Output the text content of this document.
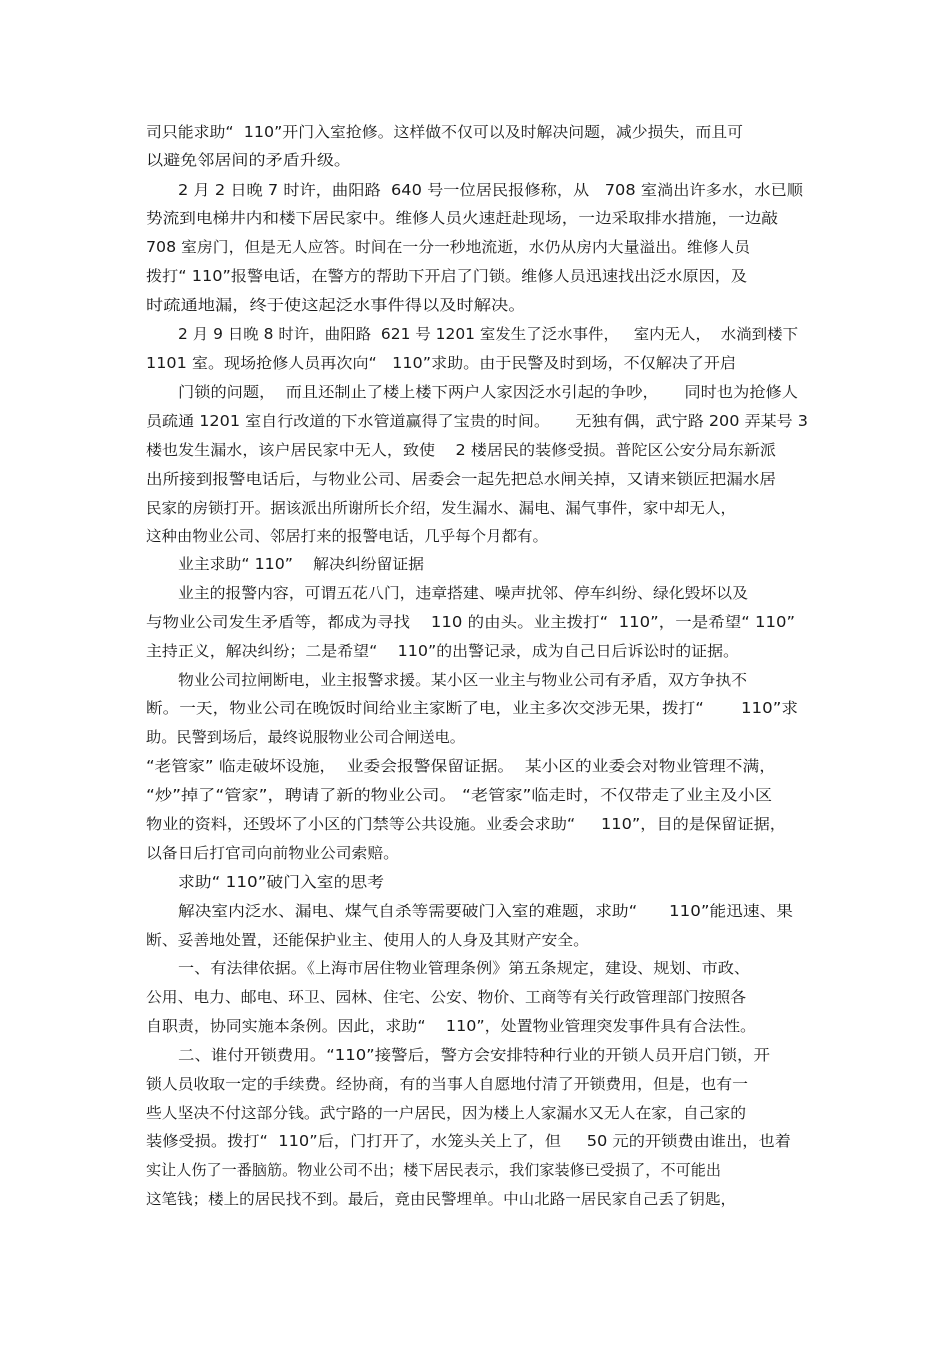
司只能求助“  110”开门入室抢修。这样做不仅可以及时解决问题，减少损失，而且可
以避免邻居间的矛盾升级。
2 月 2 日晚 7 时许，曲阳路  640 号一位居民报修称，从   708 室淌出许多水，水已顺
势流到电梯井内和楼下居民家中。维修人员火速赶赴现场，一边采取排水措施，一边敲
708 室房门，但是无人应答。时间在一分一秒地流逝，水仍从房内大量溢出。维修人员
拨打“ 110”报警电话，在警方的帮助下开启了门锁。维修人员迅速找出泛水原因，及
时疏通地漏，终于使这起泛水事件得以及时解决。
2 月 9 日晚 8 时许，曲阳路  621 号 1201 室发生了泛水事件，   室内无人，  水淌到楼下
1101 室。现场抢修人员再次向“   110”求助。由于民警及时到场，不仅解决了开启
门锁的问题，  而且还制止了楼上楼下两户人家因泛水引起的争吵，     同时也为抢修人
员疏通 1201 室自行改道的下水管道赢得了宝贵的时间。     无独有偶，武宁路 200 弄某号 3
楼也发生漏水，该户居民家中无人，致使    2 楼居民的装修受损。普陀区公安分局东新派
出所接到报警电话后，与物业公司、居委会一起先把总水闸关掉，又请来锁匠把漏水居
民家的房锁打开。据该派出所谢所长介绍，发生漏水、漏电、漏气事件，家中却无人，
这种由物业公司、邻居打来的报警电话，几乎每个月都有。
业主求助“ 110”    解决纠纷留证据
业主的报警内容，可谓五花八门，违章搭建、噪声扰邻、停车纠纷、绿化毁坏以及
与物业公司发生矛盾等，都成为寻找    110 的由头。业主拨打“  110”，一是希望“ 110”
主持正义，解决纠纷；二是希望“    110”的出警记录，成为自己日后诉讼时的证据。
物业公司拉闸断电，业主报警求援。某小区一业主与物业公司有矛盾，双方争执不
断。一天，物业公司在晚饭时间给业主家断了电，业主多次交涉无果，拨打“       110”求
助。民警到场后，最终说服物业公司合闸送电。
“老管家” 临走破坏设施，  业委会报警保留证据。  某小区的业委会对物业管理不满，
“炒”掉了“管家”，聘请了新的物业公司。 “老管家”临走时，不仅带走了业主及小区
物业的资料，还毁坏了小区的门禁等公共设施。业委会求助“     110”，目的是保留证据，
以备日后打官司向前物业公司索赔。
求助“ 110”破门入室的思考
解决室内泛水、漏电、煤气自杀等需要破门入室的难题，求助“      110”能迅速、果
断、妥善地处置，还能保护业主、使用人的人身及其财产安全。
一、有法律依据。《上海市居住物业管理条例》第五条规定，建设、规划、市政、
公用、电力、邮电、环卫、园林、住宅、公安、物价、工商等有关行政管理部门按照各
自职责，协同实施本条例。因此，求助“    110”，处置物业管理突发事件具有合法性。
二、谁付开锁费用。“110”接警后，警方会安排特种行业的开锁人员开启门锁，开
锁人员收取一定的手续费。经协商，有的当事人自愿地付清了开锁费用，但是，也有一
些人坚决不付这部分钱。武宁路的一户居民，因为楼上人家漏水又无人在家，自己家的
装修受损。拨打“  110”后，门打开了，水笼头关上了，但     50 元的开锁费由谁出，也着
实让人伤了一番脑筋。物业公司不出；楼下居民表示，我们家装修已受损了，不可能出
这笔钱；楼上的居民找不到。最后，竟由民警埋单。中山北路一居民家自己丢了钥匙，
